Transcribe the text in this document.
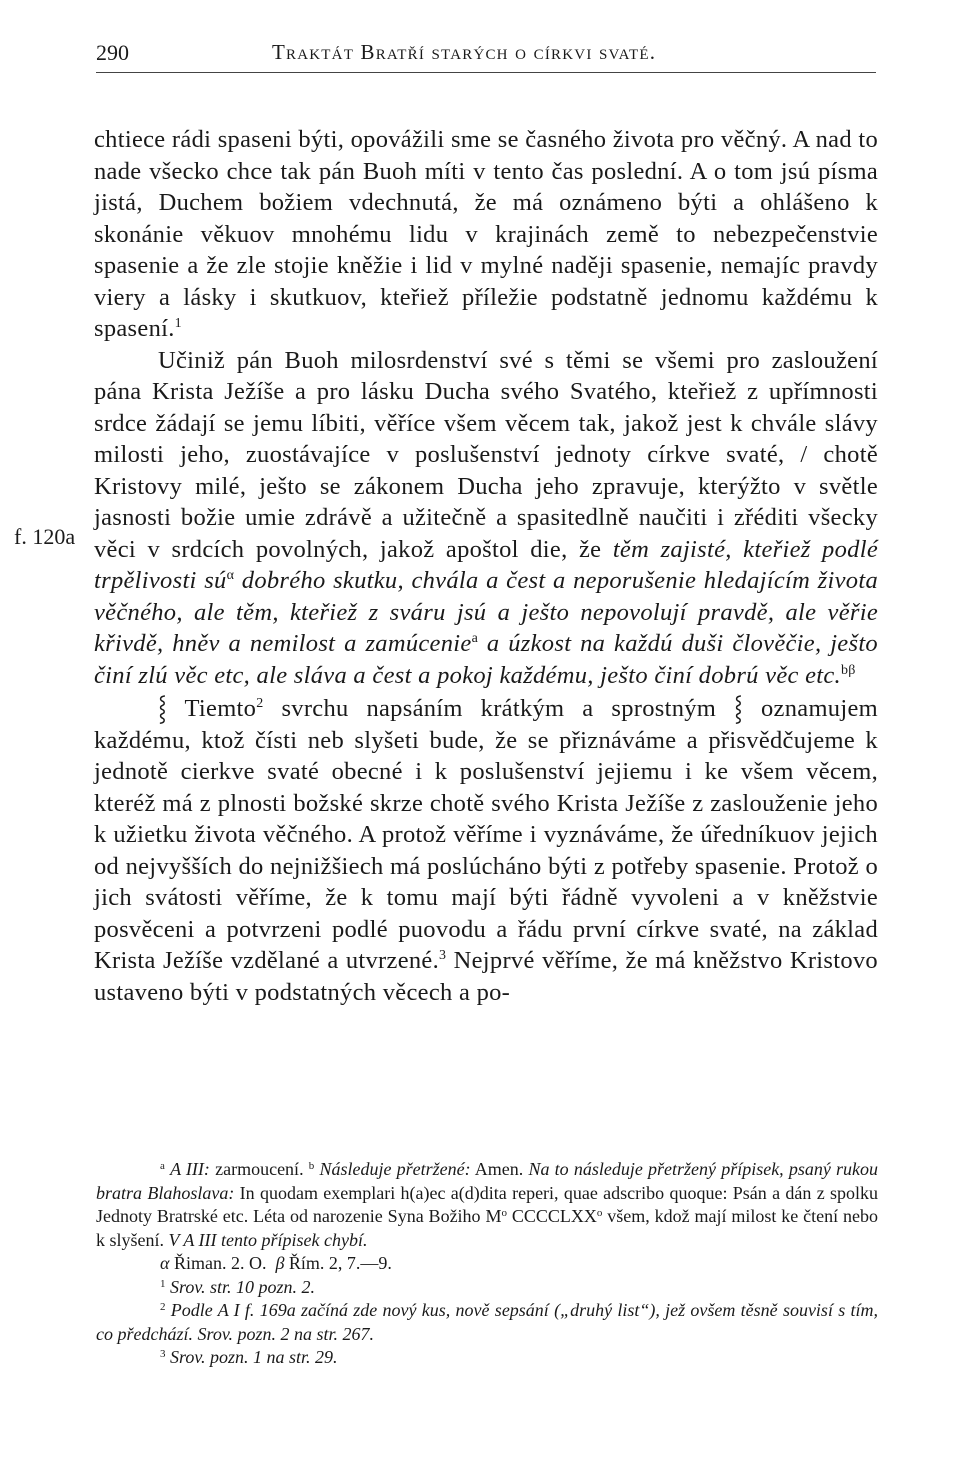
290	Traktát Bratří starých o církvi svaté.
f. 120a

chtiece rádi spaseni býti, opovážili sme se časného života pro věčný. A nad to nade všecko chce tak pán Buoh míti v tento čas poslední. A o tom jsú písma jistá, Duchem božiem vdechnutá, že má oznámeno býti a ohlášeno k skonánie věkuov mnohému lidu v krajinách země to nebezpečenstvie spasenie a že zle stojie kněžie i lid v mylné naději spasenie, nemajíc pravdy viery a lásky i skutkuov, kteřiež příležie podstatně jednomu každému k spasení.$^1$

Učiniž pán Buoh milosrdenství své s těmi se všemi pro zasloužení pána Krista Ježíše a pro lásku Ducha svého Svatého, kteřiež z upřímnosti srdce žádají se jemu líbiti, věříce všem věcem tak, jakož jest k chvále slávy milosti jeho, zuostávajíce v poslušenství jednoty církve svaté, / chotě Kristovy milé, ješto se zákonem Ducha jeho zpravuje, kterýžto v světle jasnosti božie umie zdrávě a užitečně a spasitedlně naučiti i zřéditi všecky věci v srdcích povolných, jakož apoštol die, že těm zajisté, kteřiež podlé trpělivosti $sú^\alpha$ dobrého skutku, chvála a čest a neporušenie hledajícím života věčného, ale těm, kteřiež z sváru jsú a ješto nepovolují pravdě, ale věřie křivdě, hněv a nemilost a zamúcenie$^a$ a úzkost na každú duši člověčie, ješto činí zlú věc etc, ale sláva a čest a pokoj každému, ješto činí dobrú věc etc.$^{b\beta}$

⸾ Tiemto$^2$ svrchu napsáním krátkým a sprostným ⸾ oznamujem každému, ktož čísti neb slyšeti bude, že se přiznáváme a přisvědčujeme k jednotě cierkve svaté obecné i k poslušenství jejiemu i ke všem věcem, kteréž má z plnosti božské skrze chotě svého Krista Ježíše z zaslouženie jeho k užietku života věčného. A protož věříme i vyznáváme, že úředníkuov jejich od nejvyšších do nejnižšiech má poslúcháno býti z potřeby spasenie. Protož o jich svátosti věříme, že k tomu mají býti řádně vyvoleni a v kněžstvie posvěceni a potvrzeni podlé puovodu a řádu první církve svaté, na základ Krista Ježíše vzdělané a utvrzené.$^3$ Nejprvé věříme, že má kněžstvo Kristovo ustaveno býti v podstatných věcech a po-

$^a$ A III: zarmoucení. $^b$ Následuje přetržené: Amen. Na to následuje přetržený přípisek, psaný rukou bratra Blahoslava: In quodam exemplari h(a)ec a(d)dita reperi, quae adscribo quoque: Psán a dán z spolku Jednoty Bratrské etc. Léta od narozenie Syna Božiho $M^o$ CCCCLXX$^o$ všem, kdož mají milost ke čtení nebo k slyšení. V A III tento přípisek chybí.

α Řiman. 2. O. β Řím. 2, 7.—9.

$^1$ Srov. str. 10 pozn. 2.

$^2$ Podle A I f. 169a začíná zde nový kus, nově sepsání („druhý list“), jež ovšem těsně souvisí s tím, co předchází. Srov. pozn. 2 na str. 267.

$^3$ Srov. pozn. 1 na str. 29.
